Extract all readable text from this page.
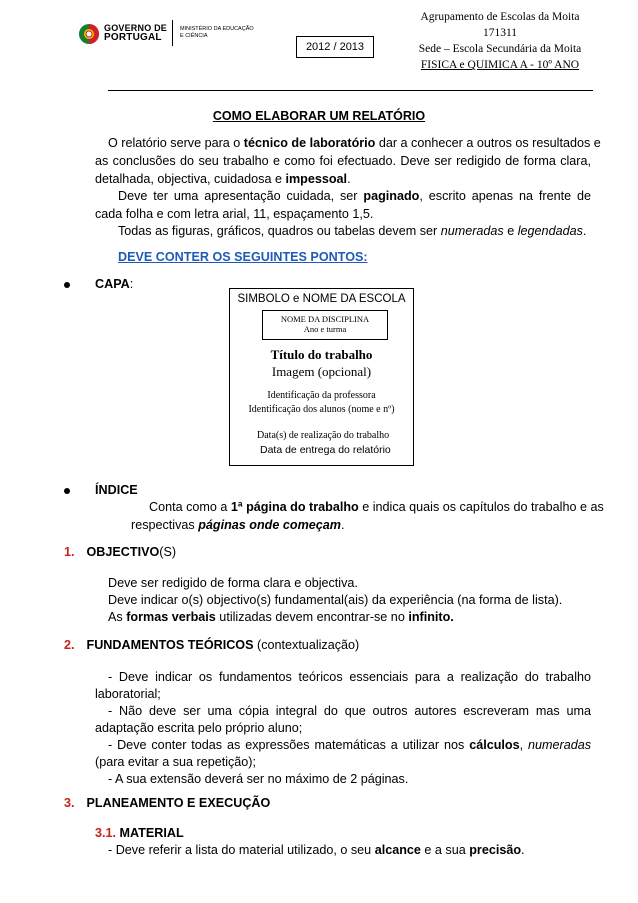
GOVERNO DE
PORTUGAL
MINISTÉRIO DA EDUCAÇÃO
E CIÊNCIA
2012 / 2013
Agrupamento de Escolas da Moita
171311
Sede – Escola Secundária da Moita
FISICA e QUIMICA A - 10º ANO
COMO ELABORAR UM RELATÓRIO
O relatório serve para o técnico de laboratório dar a conhecer a outros os resultados e
as conclusões do seu trabalho e como foi efectuado. Deve ser redigido de forma clara,
detalhada, objectiva, cuidadosa e impessoal.
Deve ter uma apresentação cuidada, ser paginado, escrito apenas na frente de
cada folha e com letra arial, 11, espaçamento 1,5.
Todas as figuras, gráficos, quadros ou tabelas devem ser numeradas e legendadas.
DEVE CONTER OS SEGUINTES PONTOS:
CAPA:
SIMBOLO e NOME DA ESCOLA
NOME DA DISCIPLINA
Ano e turma
Título do trabalho
Imagem (opcional)
Identificação da professora
Identificação dos alunos (nome e nº)
Data(s) de realização do trabalho
Data de entrega do relatório
ÍNDICE
Conta como a 1ª página do trabalho e indica quais os capítulos do trabalho e as
respectivas páginas onde começam.
1. OBJECTIVO(S)
Deve ser redigido de forma clara e objectiva.
Deve indicar o(s) objectivo(s) fundamental(ais) da experiência (na forma de lista).
As formas verbais utilizadas devem encontrar-se no infinito.
2. FUNDAMENTOS TEÓRICOS (contextualização)
- Deve indicar os fundamentos teóricos essenciais para a realização do trabalho
laboratorial;
- Não deve ser uma cópia integral do que outros autores escreveram mas uma
adaptação escrita pelo próprio aluno;
- Deve conter todas as expressões matemáticas a utilizar nos cálculos, numeradas
(para evitar a sua repetição);
- A sua extensão deverá ser no máximo de 2 páginas.
3. PLANEAMENTO E EXECUÇÃO
3.1. MATERIAL
- Deve referir a lista do material utilizado, o seu alcance e a sua precisão.
